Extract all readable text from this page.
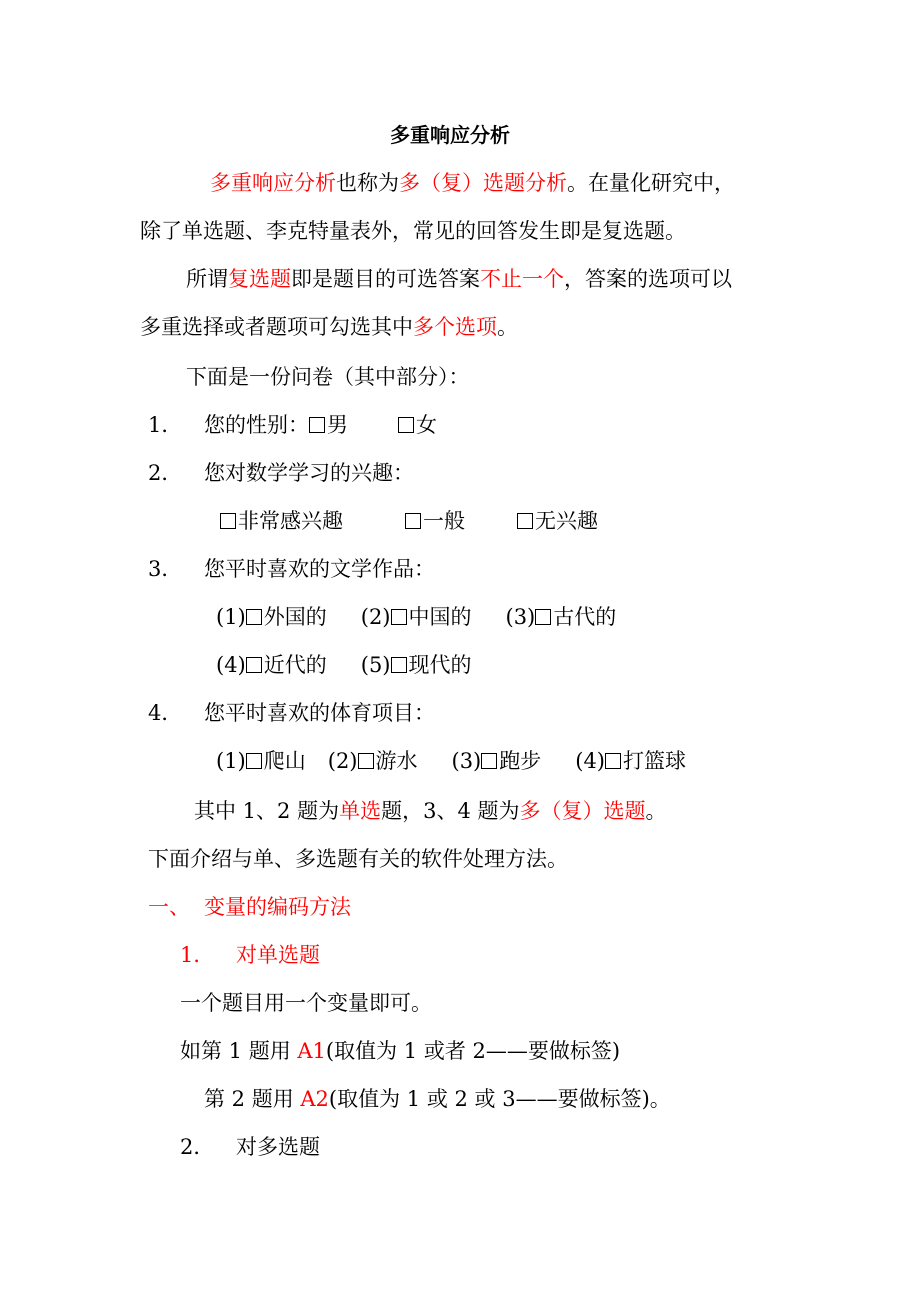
多重响应分析
多重响应分析也称为多（复）选题分析。在量化研究中，
除了单选题、李克特量表外，常见的回答发生即是复选题。
所谓复选题即是题目的可选答案不止一个，答案的选项可以
多重选择或者题项可勾选其中多个选项。
下面是一份问卷（其中部分）：
1． 您的性别： 男	女
2． 您对数学学习的兴趣：
非常感兴趣	一般	无兴趣
3． 您平时喜欢的文学作品：
(1) 外国的 (2) 中国的 (3) 古代的
(4) 近代的 (5) 现代的
4． 您平时喜欢的体育项目：
(1) 爬山 (2) 游水 (3) 跑步 (4) 打篮球
其中 1、2 题为单选题，3、4 题为多（复）选题。
下面介绍与单、多选题有关的软件处理方法。
一、 变量的编码方法
1． 对单选题
一个题目用一个变量即可。
如第 1 题用 A1(取值为 1 或者 2——要做标签)
第 2 题用 A2(取值为 1 或 2 或 3——要做标签)。
2． 对多选题
